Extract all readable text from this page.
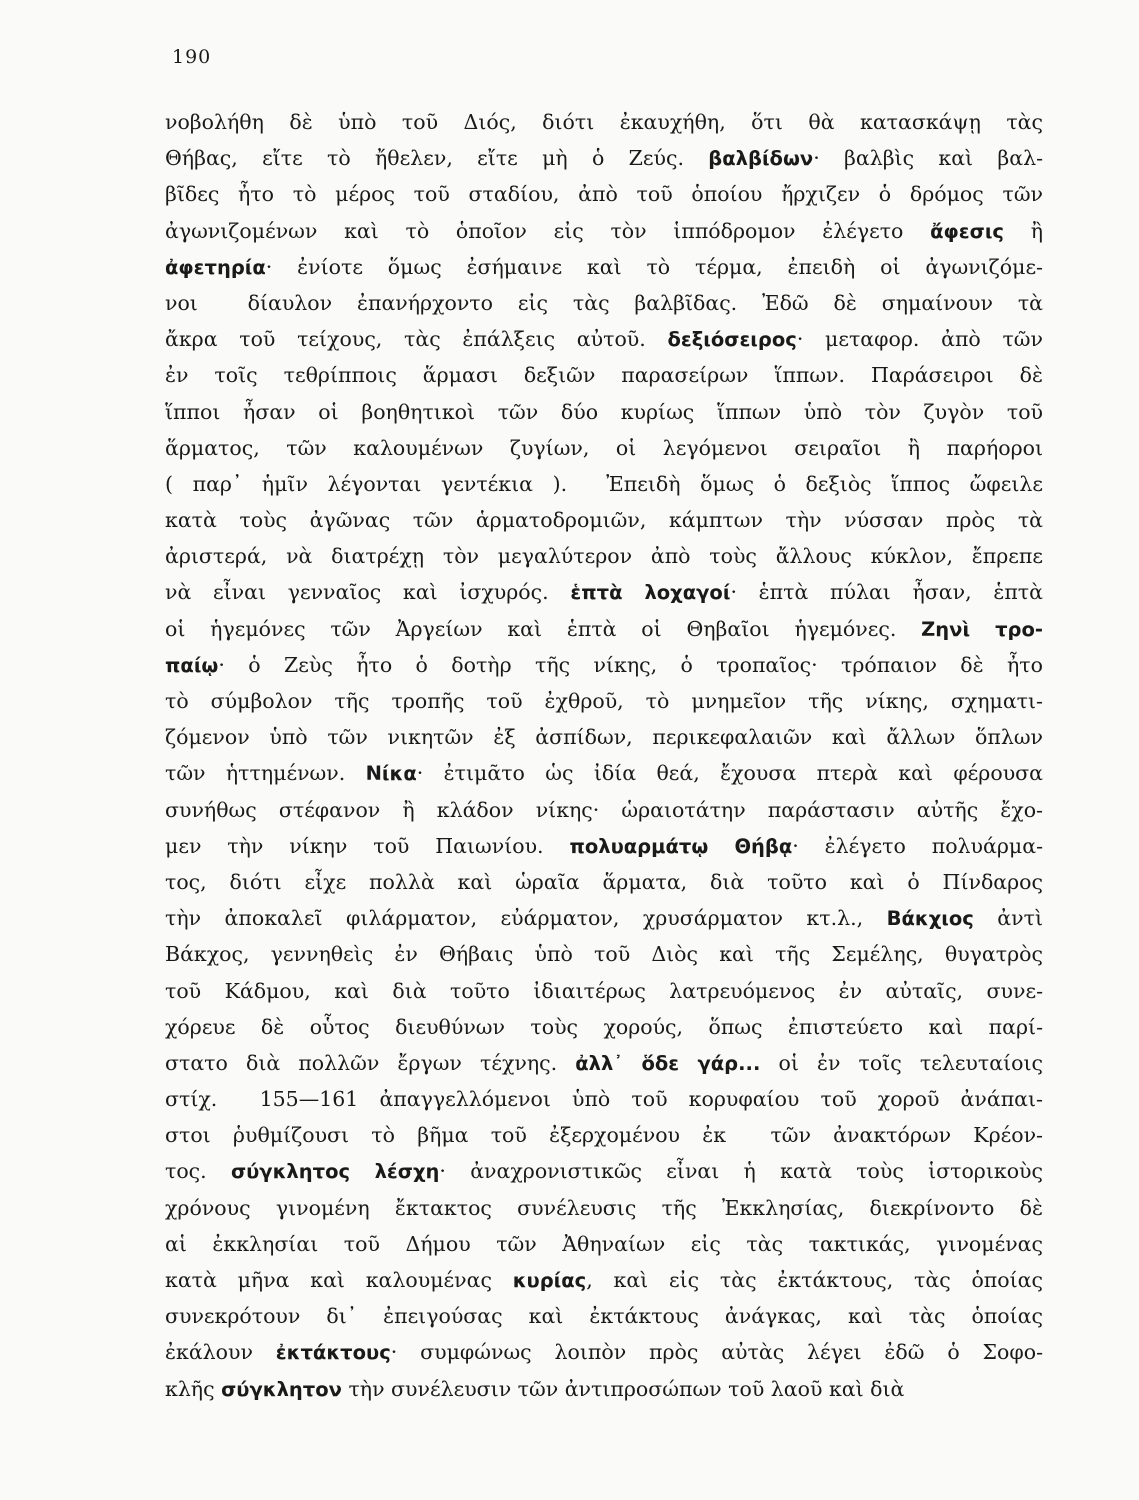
190
νοβολήθη δὲ ὑπὸ τοῦ Διός, διότι ἐκαυχήθη, ὅτι θὰ κατασκάψῃ τὰς
Θήβας, εἴτε τὸ ἤθελεν, εἴτε μὴ ὁ Ζεύς. βαλβίδων· βαλβὶς καὶ βαλ-
βῖδες ἦτο τὸ μέρος τοῦ σταδίου, ἀπὸ τοῦ ὁποίου ἤρχιζεν ὁ δρόμος τῶν
ἀγωνιζομένων καὶ τὸ ὁποῖον εἰς τὸν ἱππόδρομον ἐλέγετο ἄφεσις ἢ
ἀφετηρία· ἐνίοτε ὅμως ἐσήμαινε καὶ τὸ τέρμα, ἐπειδὴ οἱ ἀγωνιζόμε-
νοι  δίαυλον ἐπανήρχοντο εἰς τὰς βαλβῖδας. Ἐδῶ δὲ σημαίνουν τὰ
ἄκρα τοῦ τείχους, τὰς ἐπάλξεις αὐτοῦ. δεξιόσειρος· μεταφορ. ἀπὸ τῶν
ἐν τοῖς τεθρίπποις ἅρμασι δεξιῶν παρασείρων ἵππων. Παράσειροι δὲ
ἵπποι ἦσαν οἱ βοηθητικοὶ τῶν δύο κυρίως ἵππων ὑπὸ τὸν ζυγὸν τοῦ
ἅρματος, τῶν καλουμένων ζυγίων, οἱ λεγόμενοι σειραῖοι ἢ παρήοροι
( παρ᾿ ἡμῖν λέγονται γεντέκια ).  Ἐπειδὴ ὅμως ὁ δεξιὸς ἵππος ὤφειλε
κατὰ τοὺς ἀγῶνας τῶν ἁρματοδρομιῶν, κάμπτων τὴν νύσσαν πρὸς τὰ
ἀριστερά, νὰ διατρέχῃ τὸν μεγαλύτερον ἀπὸ τοὺς ἄλλους κύκλον, ἔπρεπε
νὰ εἶναι γενναῖος καὶ ἰσχυρός. ἑπτὰ λοχαγοί· ἑπτὰ πύλαι ἦσαν, ἑπτὰ
οἱ ἡγεμόνες τῶν Ἀργείων καὶ ἑπτὰ οἱ Θηβαῖοι ἡγεμόνες. Ζηνὶ τρο-
παίῳ· ὁ Ζεὺς ἦτο ὁ δοτὴρ τῆς νίκης, ὁ τροπαῖος· τρόπαιον δὲ ἦτο
τὸ σύμβολον τῆς τροπῆς τοῦ ἐχθροῦ, τὸ μνημεῖον τῆς νίκης, σχηματι-
ζόμενον ὑπὸ τῶν νικητῶν ἐξ ἀσπίδων, περικεφαλαιῶν καὶ ἄλλων ὅπλων
τῶν ἡττημένων. Νίκα· ἐτιμᾶτο ὡς ἰδία θεά, ἔχουσα πτερὰ καὶ φέρουσα
συνήθως στέφανον ἢ κλάδον νίκης· ὡραιοτάτην παράστασιν αὐτῆς ἔχο-
μεν τὴν νίκην τοῦ Παιωνίου. πολυαρμάτῳ Θήβᾳ· ἐλέγετο πολυάρμα-
τος, διότι εἶχε πολλὰ καὶ ὡραῖα ἅρματα, διὰ τοῦτο καὶ ὁ Πίνδαρος
τὴν ἀποκαλεῖ φιλάρματον, εὐάρματον, χρυσάρματον κτ.λ., Βάκχιος ἀντὶ
Βάκχος, γεννηθεὶς ἐν Θήβαις ὑπὸ τοῦ Διὸς καὶ τῆς Σεμέλης, θυγατρὸς
τοῦ Κάδμου, καὶ διὰ τοῦτο ἰδιαιτέρως λατρευόμενος ἐν αὐταῖς, συνε-
χόρευε δὲ οὗτος διευθύνων τοὺς χορούς, ὅπως ἐπιστεύετο καὶ παρί-
στατο διὰ πολλῶν ἔργων τέχνης. ἀλλ᾿ ὅδε γάρ... οἱ ἐν τοῖς τελευταίοις
στίχ.  155—161 ἀπαγγελλόμενοι ὑπὸ τοῦ κορυφαίου τοῦ χοροῦ ἀνάπαι-
στοι ῥυθμίζουσι τὸ βῆμα τοῦ ἐξερχομένου ἐκ  τῶν ἀνακτόρων Κρέον-
τος. σύγκλητος λέσχη· ἀναχρονιστικῶς εἶναι ἡ κατὰ τοὺς ἱστορικοὺς
χρόνους γινομένη ἔκτακτος συνέλευσις τῆς Ἐκκλησίας, διεκρίνοντο δὲ
αἱ ἐκκλησίαι τοῦ Δήμου τῶν Ἀθηναίων εἰς τὰς τακτικάς, γινομένας
κατὰ μῆνα καὶ καλουμένας κυρίας, καὶ εἰς τὰς ἐκτάκτους, τὰς ὁποίας
συνεκρότουν δι᾿ ἐπειγούσας καὶ ἐκτάκτους ἀνάγκας, καὶ τὰς ὁποίας
ἐκάλουν ἐκτάκτους· συμφώνως λοιπὸν πρὸς αὐτὰς λέγει ἐδῶ ὁ Σοφο-
κλῆς σύγκλητον τὴν συνέλευσιν τῶν ἀντιπροσώπων τοῦ λαοῦ καὶ διὰ
